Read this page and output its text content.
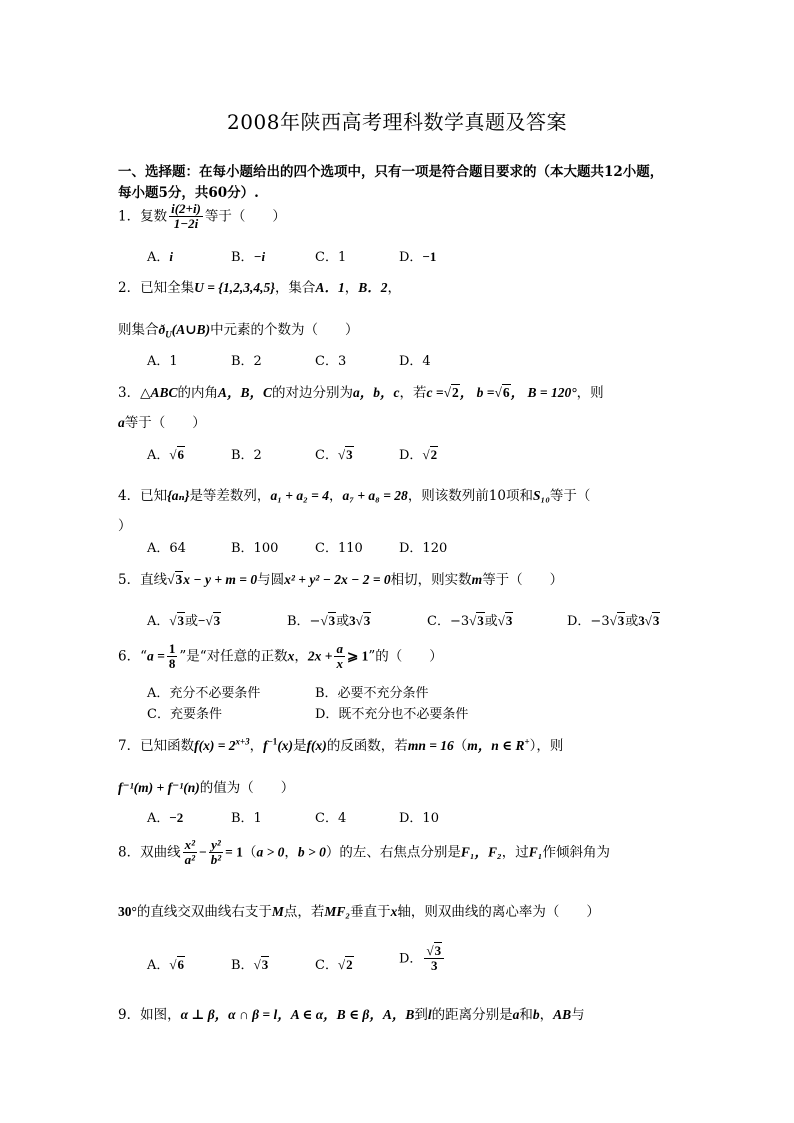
2008年陕西高考理科数学真题及答案
一、选择题：在每小题给出的四个选项中，只有一项是符合题目要求的（本大题共12小题，
每小题5分，共60分）.
1．复数 $\frac{i(2+i)}{1-2i}$ 等于（　　）
A．i	B．−i	C．1	D．−1
2．已知全集U = {1,2,3,4,5}，集合A．1，B．2，
则集合$ð_U(A\cup B)$中元素的个数为（　　）
A．1	B．2	C．3	D．4
3．△ABC的内角A，B，C的对边分别为a，b，c，若c =√2， b =√6， B = 120°，则
a等于（　　）
A．√6	B．2	C．√3	D．√2
4．已知{aₙ}是等差数列，a₁ + a₂ = 4，a₇ + a₈ = 28，则该数列前10项和S₁₀等于（
）
A．64	B．100	C．110	D．120
5．直线√3x − y + m = 0与圆x² + y² − 2x − 2 = 0相切，则实数m等于（　　）
A．√3或−√3	B．−√3或3√3	C．−3√3或√3	D．−3√3或3√3
6．“$a = \frac{1}{8}$ ”是“对任意的正数x，$2x + \frac{a}{x}$ ⩾ 1”的（　　）
A．充分不必要条件	B．必要不充分条件
C．充要条件	D．既不充分也不必要条件
7．已知函数$f(x) = 2^{x+3}$，$f^{-1}(x)$是f(x)的反函数，若mn = 16（m，n ∈ R+），则
f⁻¹(m) + f⁻¹(n)的值为（　　）
A．−2	B．1	C．4	D．10
8．双曲线 $\frac{\text{x²}}{\text{a²}} - \frac{\text{y²}}{\text{b²}} = 1(a > 0$，b > 0）的左、右焦点分别是F₁，F₂，过F₁作倾斜角为
30°的直线交双曲线右支于M点，若MF₂垂直于x轴，则双曲线的离心率为（　　）
A．√6	B．√3	C．√2	D． $\frac{√3}{3}$
9．如图，α ⊥ β，α ∩ β = l，A ∈ α，B ∈ β，A，B到l的距离分别是a和b，AB与
